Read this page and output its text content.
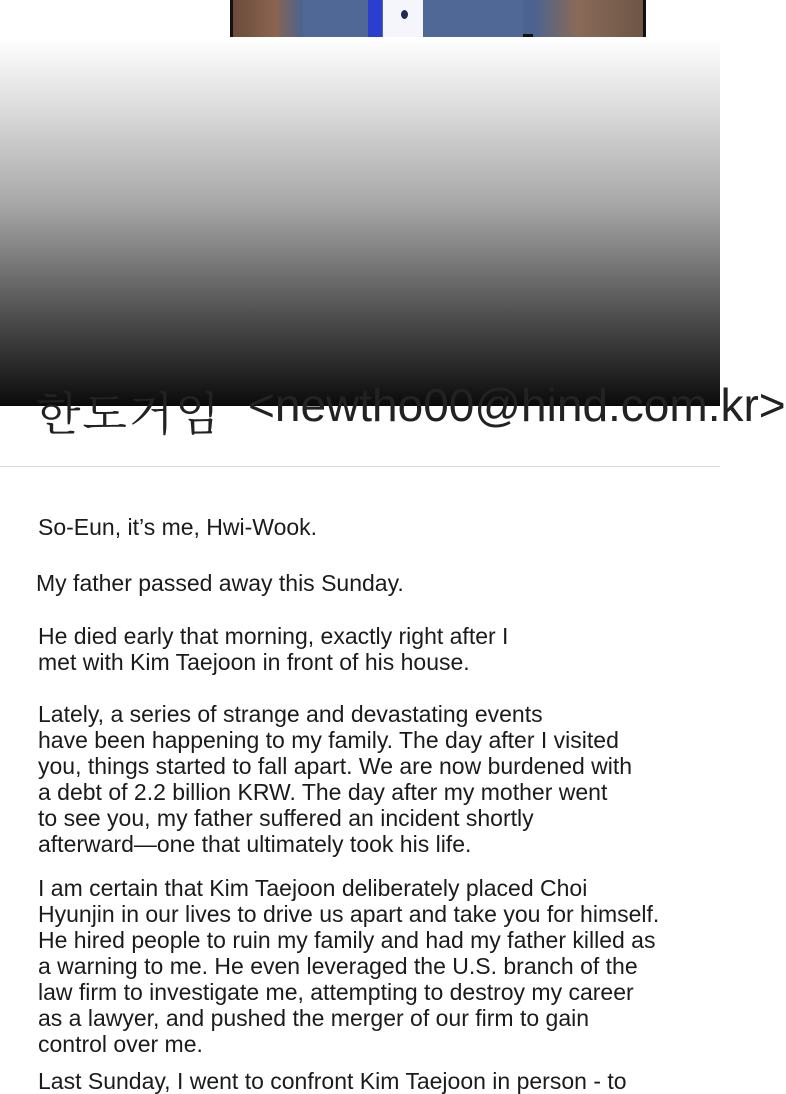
한도거임 <newtho00@hind.com.kr>
So-Eun, it’s me, Hwi-Wook.
My father passed away this Sunday.
He died early that morning, exactly right after I
met with Kim Taejoon in front of his house.
Lately, a series of strange and devastating events
have been happening to my family. The day after I visited
you, things started to fall apart. We are now burdened with
a debt of 2.2 billion KRW. The day after my mother went
to see you, my father suffered an incident shortly
afterward—one that ultimately took his life.
I am certain that Kim Taejoon deliberately placed Choi
Hyunjin in our lives to drive us apart and take you for himself.
He hired people to ruin my family and had my father killed as
a warning to me. He even leveraged the U.S. branch of the
law firm to investigate me, attempting to destroy my career
as a lawyer, and pushed the merger of our firm to gain
control over me.
Last Sunday, I went to confront Kim Taejoon in person - to
